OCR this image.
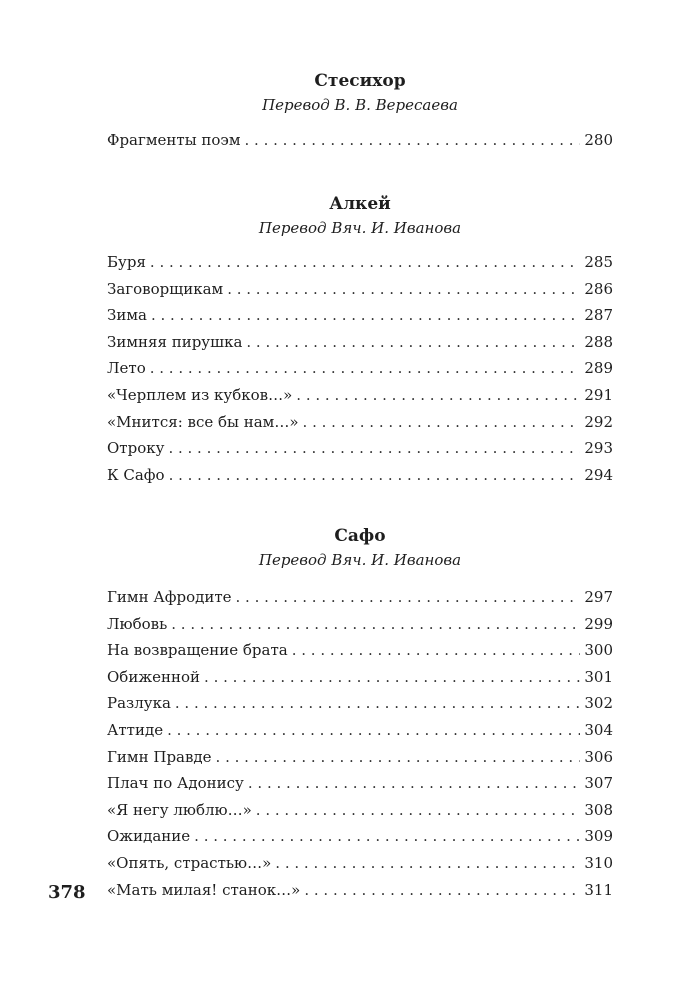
Стесихор
Перевод В. В. Вересаева
Фрагменты поэм . . .	280
Алкей
Перевод Вяч. И. Иванова
Буря . . .	285
Заговорщикам . . .	286
Зима . . .	287
Зимняя пирушка . . .	288
Лето . . .	289
«Черплем из кубков…» . . .	291
«Мнится: все бы нам…» . . .	292
Отроку . . .	293
К Сафо . . .	294
Сафо
Перевод Вяч. И. Иванова
Гимн Афродите . . .	297
Любовь . . .	299
На возвращение брата . . .	300
Обиженной . . .	301
Разлука . . .	302
Аттиде . . .	304
Гимн Правде . . .	306
Плач по Адонису . . .	307
«Я негу люблю…» . . .	308
Ожидание . . .	309
«Опять, страстью…» . . .	310
«Мать милая! станок…» . . .	311
378
